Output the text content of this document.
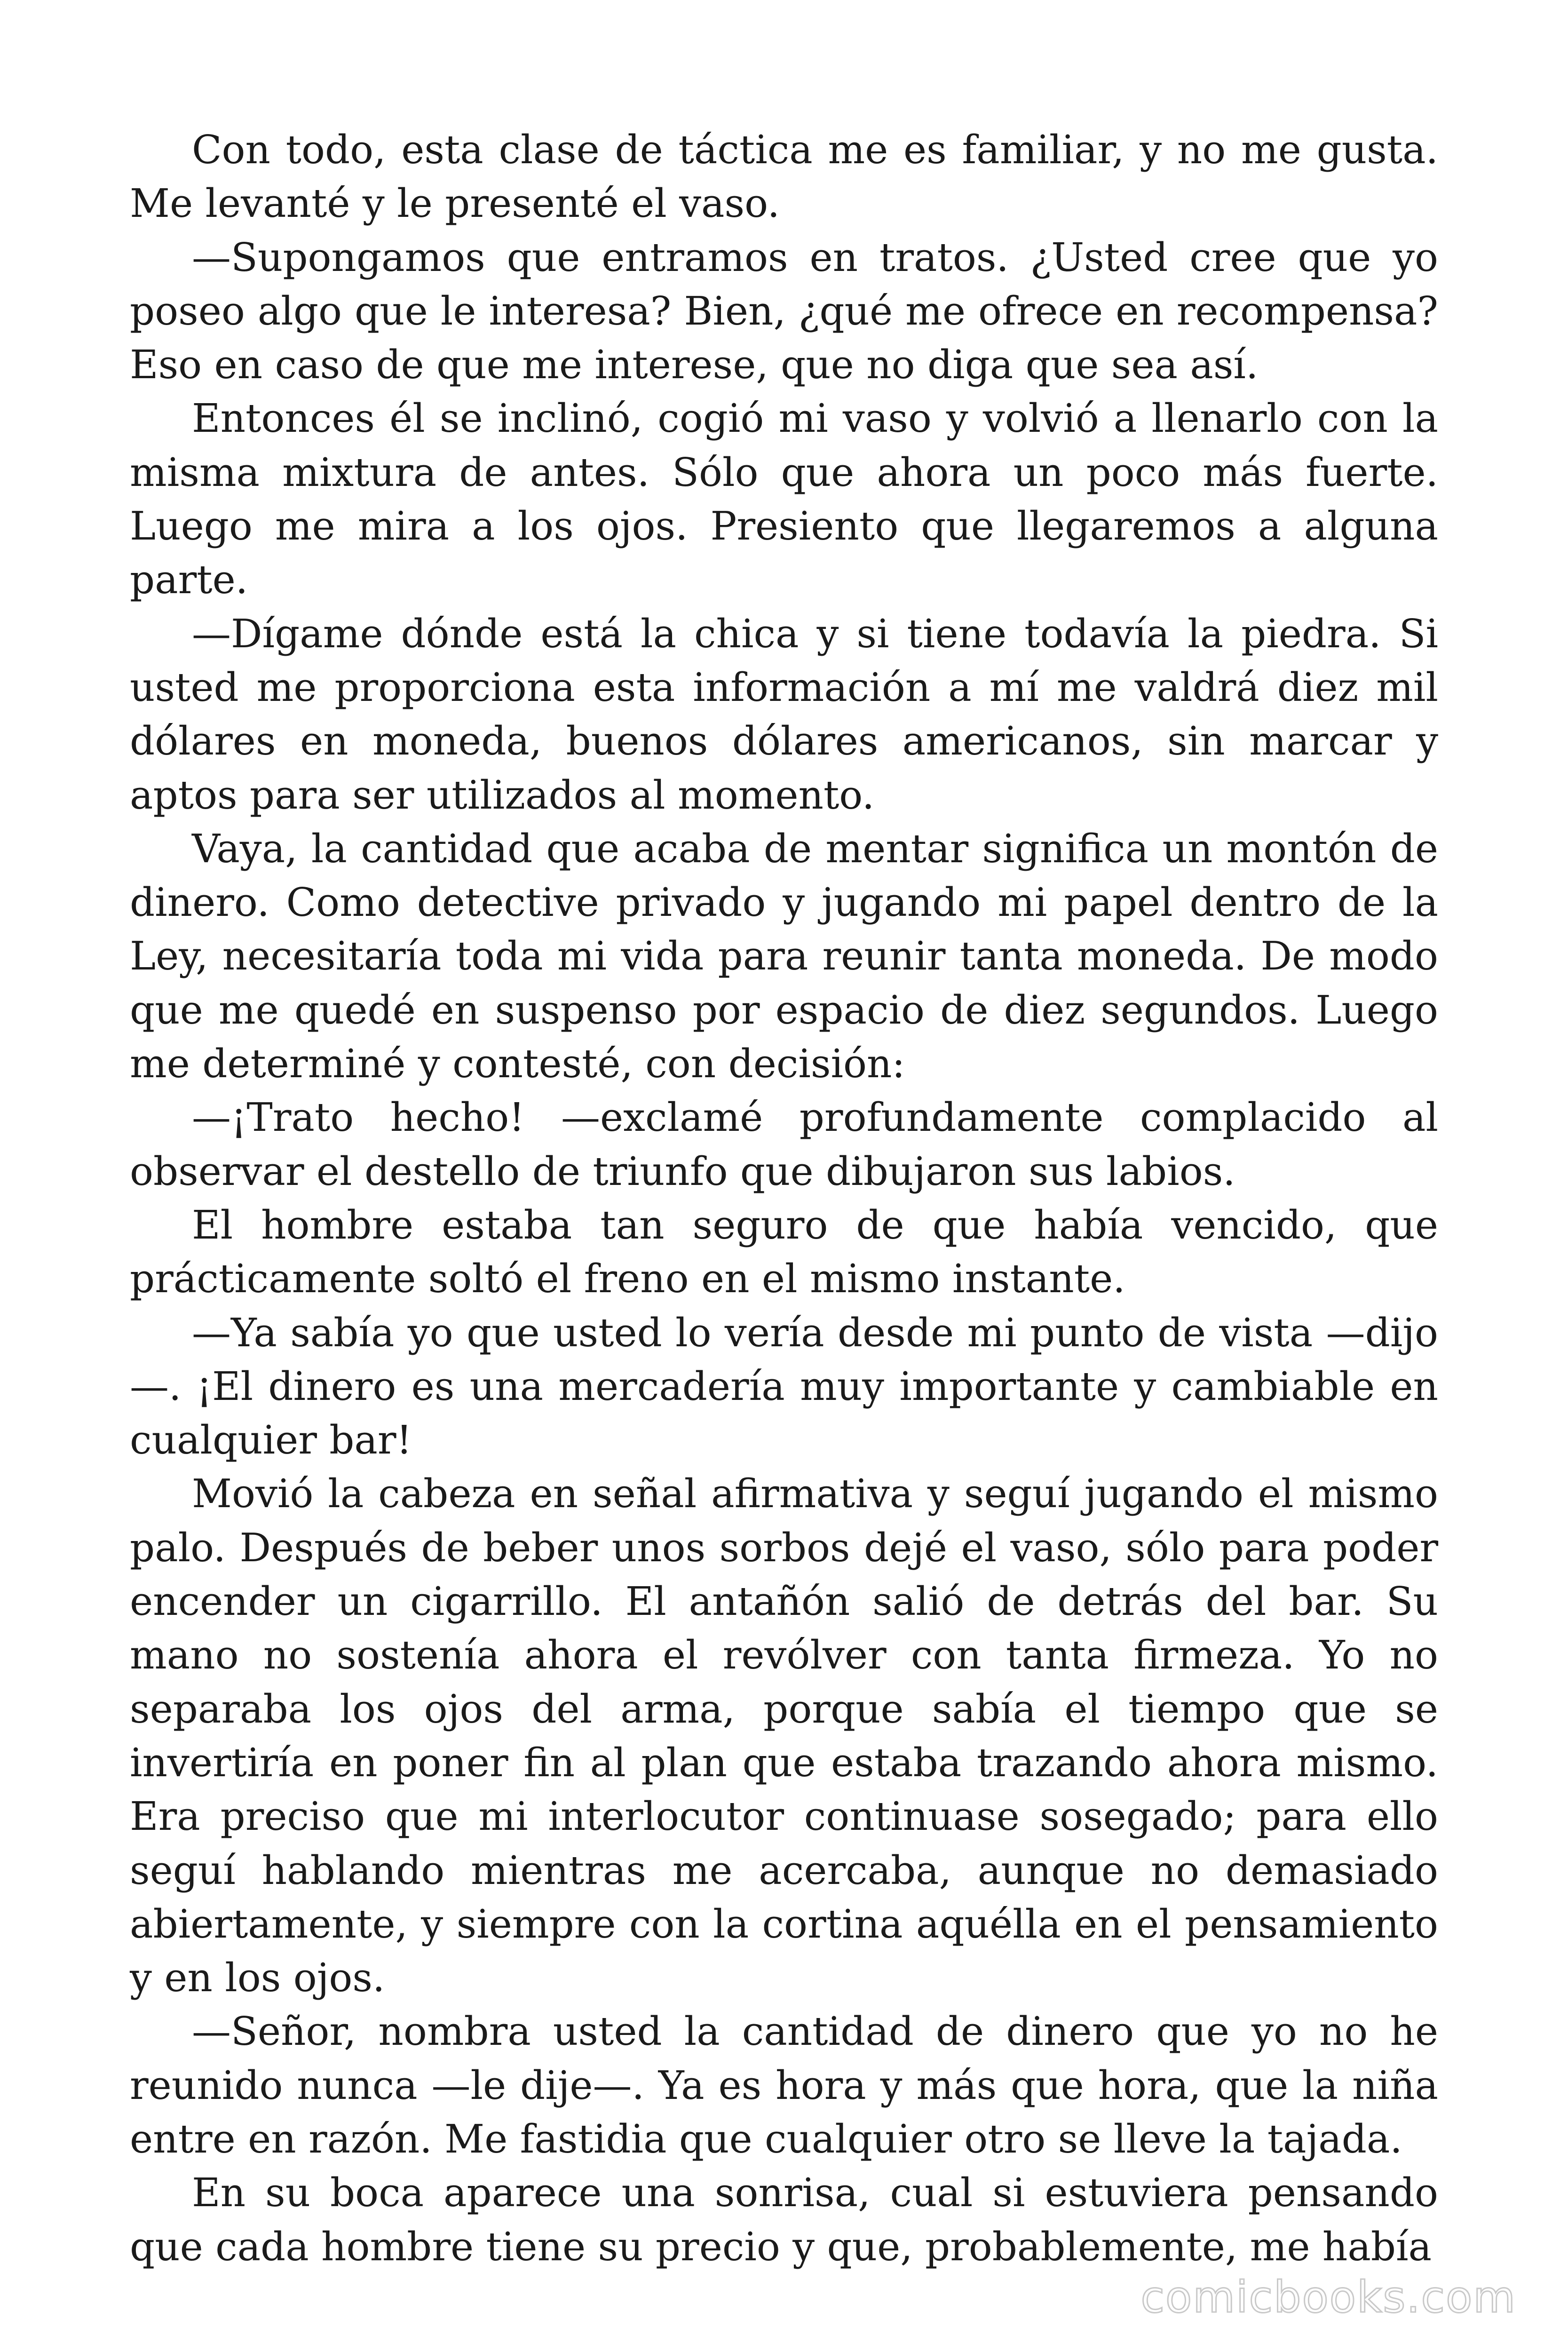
Con todo, esta clase de táctica me es familiar, y no me gusta. Me levanté y le presenté el vaso.

—Supongamos que entramos en tratos. ¿Usted cree que yo poseo algo que le interesa? Bien, ¿qué me ofrece en recompensa? Eso en caso de que me interese, que no diga que sea así.

Entonces él se inclinó, cogió mi vaso y volvió a llenarlo con la misma mixtura de antes. Sólo que ahora un poco más fuerte. Luego me mira a los ojos. Presiento que llegaremos a alguna parte.

—Dígame dónde está la chica y si tiene todavía la piedra. Si usted me proporciona esta información a mí me valdrá diez mil dólares en moneda, buenos dólares americanos, sin marcar y aptos para ser utilizados al momento.

Vaya, la cantidad que acaba de mentar significa un montón de dinero. Como detective privado y jugando mi papel dentro de la Ley, necesitaría toda mi vida para reunir tanta moneda. De modo que me quedé en suspenso por espacio de diez segundos. Luego me determiné y contesté, con decisión:

—¡Trato hecho! —exclamé profundamente complacido al observar el destello de triunfo que dibujaron sus labios.

El hombre estaba tan seguro de que había vencido, que prácticamente soltó el freno en el mismo instante.

—Ya sabía yo que usted lo vería desde mi punto de vista —dijo —. ¡El dinero es una mercadería muy importante y cambiable en cualquier bar!

Movió la cabeza en señal afirmativa y seguí jugando el mismo palo. Después de beber unos sorbos dejé el vaso, sólo para poder encender un cigarrillo. El antañón salió de detrás del bar. Su mano no sostenía ahora el revólver con tanta firmeza. Yo no separaba los ojos del arma, porque sabía el tiempo que se invertiría en poner fin al plan que estaba trazando ahora mismo. Era preciso que mi interlocutor continuase sosegado; para ello seguí hablando mientras me acercaba, aunque no demasiado abiertamente, y siempre con la cortina aquélla en el pensamiento y en los ojos.

—Señor, nombra usted la cantidad de dinero que yo no he reunido nunca —le dije—. Ya es hora y más que hora, que la niña entre en razón. Me fastidia que cualquier otro se lleve la tajada.

En su boca aparece una sonrisa, cual si estuviera pensando que cada hombre tiene su precio y que, probablemente, me había

comicbooks.com
